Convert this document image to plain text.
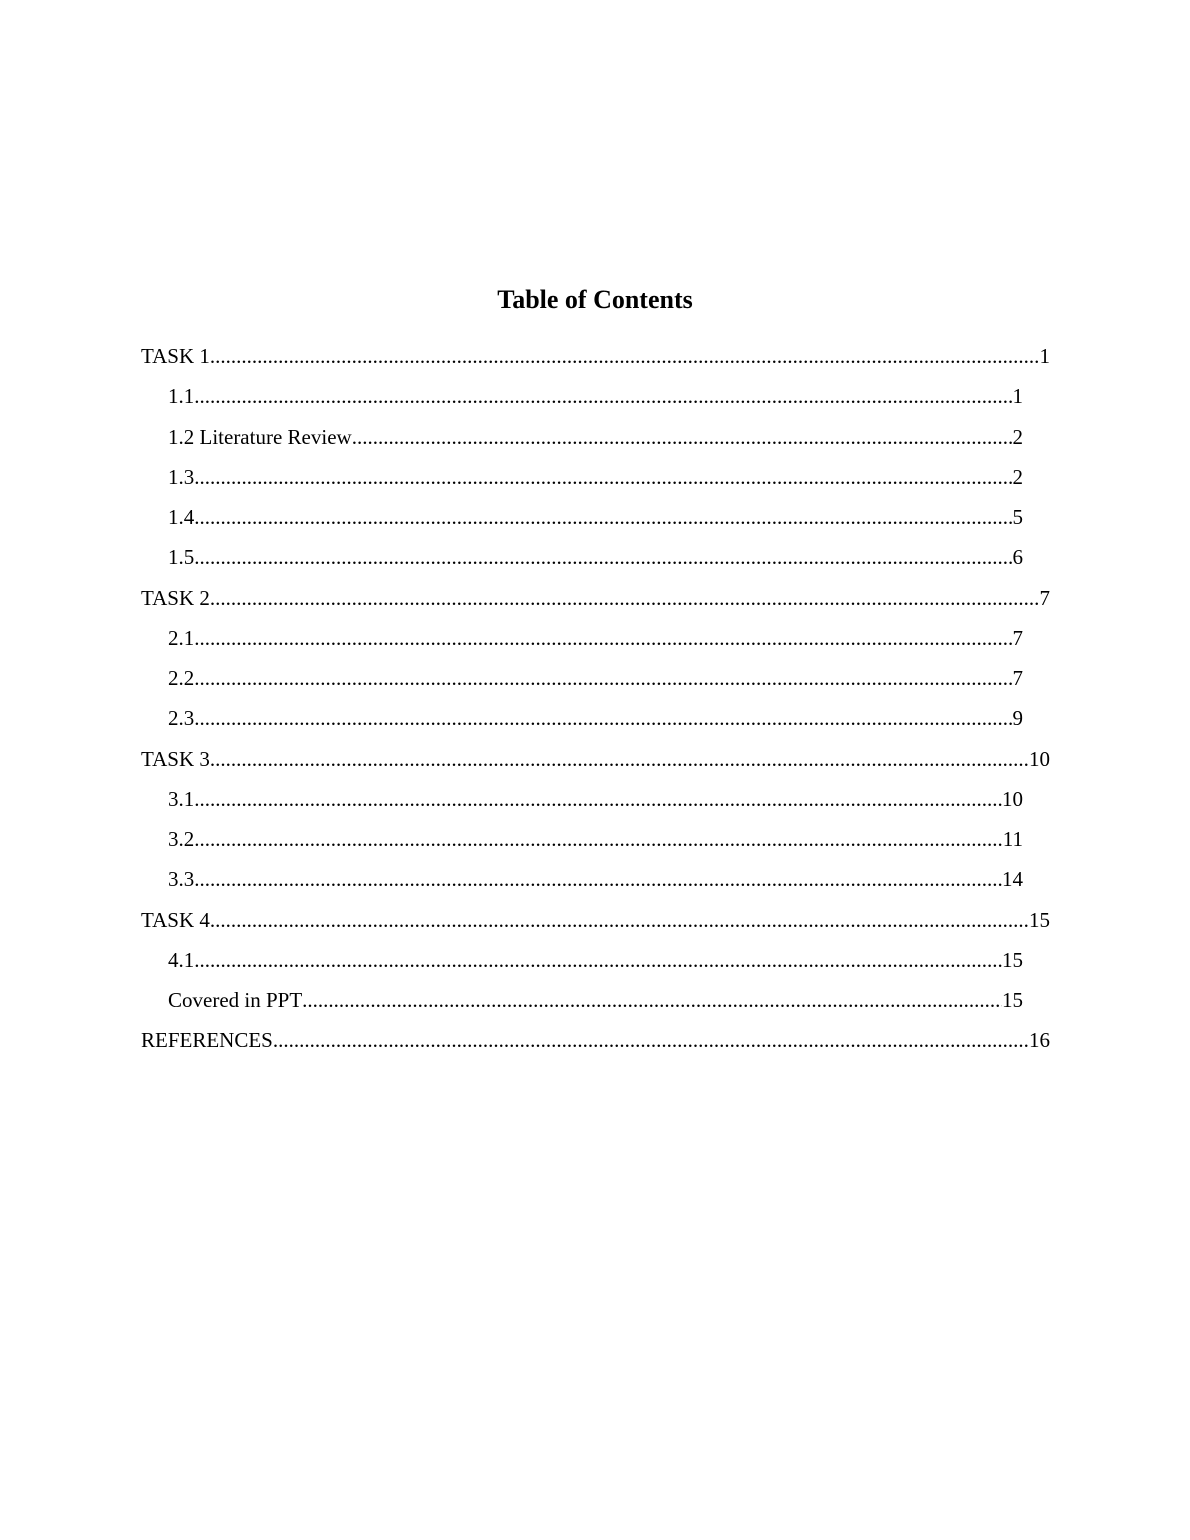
Table of Contents
TASK 1 .....	1
1.1 .....	1
1.2 Literature Review .....	2
1.3 .....	2
1.4 .....	5
1.5 .....	6
TASK 2 .....	7
2.1 .....	7
2.2 .....	7
2.3 .....	9
TASK 3 .....	10
3.1 .....	10
3.2 .....	11
3.3 .....	14
TASK 4 .....	15
4.1 .....	15
Covered in PPT .....	15
REFERENCES .....	16
